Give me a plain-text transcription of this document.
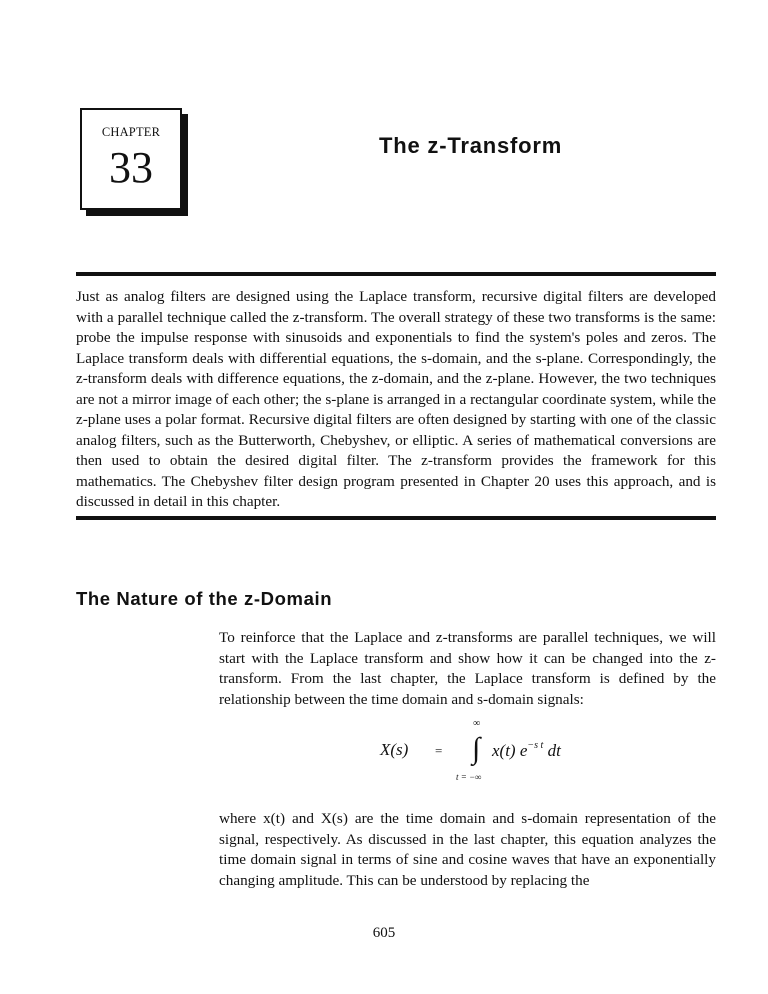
CHAPTER
33	The z-Transform

Just as analog filters are designed using the Laplace transform, recursive digital filters are developed with a parallel technique called the z-transform. The overall strategy of these two transforms is the same: probe the impulse response with sinusoids and exponentials to find the system's poles and zeros. The Laplace transform deals with differential equations, the s-domain, and the s-plane. Correspondingly, the z-transform deals with difference equations, the z-domain, and the z-plane. However, the two techniques are not a mirror image of each other; the s-plane is arranged in a rectangular coordinate system, while the z-plane uses a polar format. Recursive digital filters are often designed by starting with one of the classic analog filters, such as the Butterworth, Chebyshev, or elliptic. A series of mathematical conversions are then used to obtain the desired digital filter. The z-transform provides the framework for this mathematics. The Chebyshev filter design program presented in Chapter 20 uses this approach, and is discussed in detail in this chapter.

The Nature of the z-Domain

To reinforce that the Laplace and z-transforms are parallel techniques, we will start with the Laplace transform and show how it can be changed into the z-transform. From the last chapter, the Laplace transform is defined by the relationship between the time domain and s-domain signals:

X(s) =
∞
∫
t = −∞
x(t) $e^{-s t}$ dt

where x(t) and X(s) are the time domain and s-domain representation of the signal, respectively. As discussed in the last chapter, this equation analyzes the time domain signal in terms of sine and cosine waves that have an exponentially changing amplitude. This can be understood by replacing the

605
